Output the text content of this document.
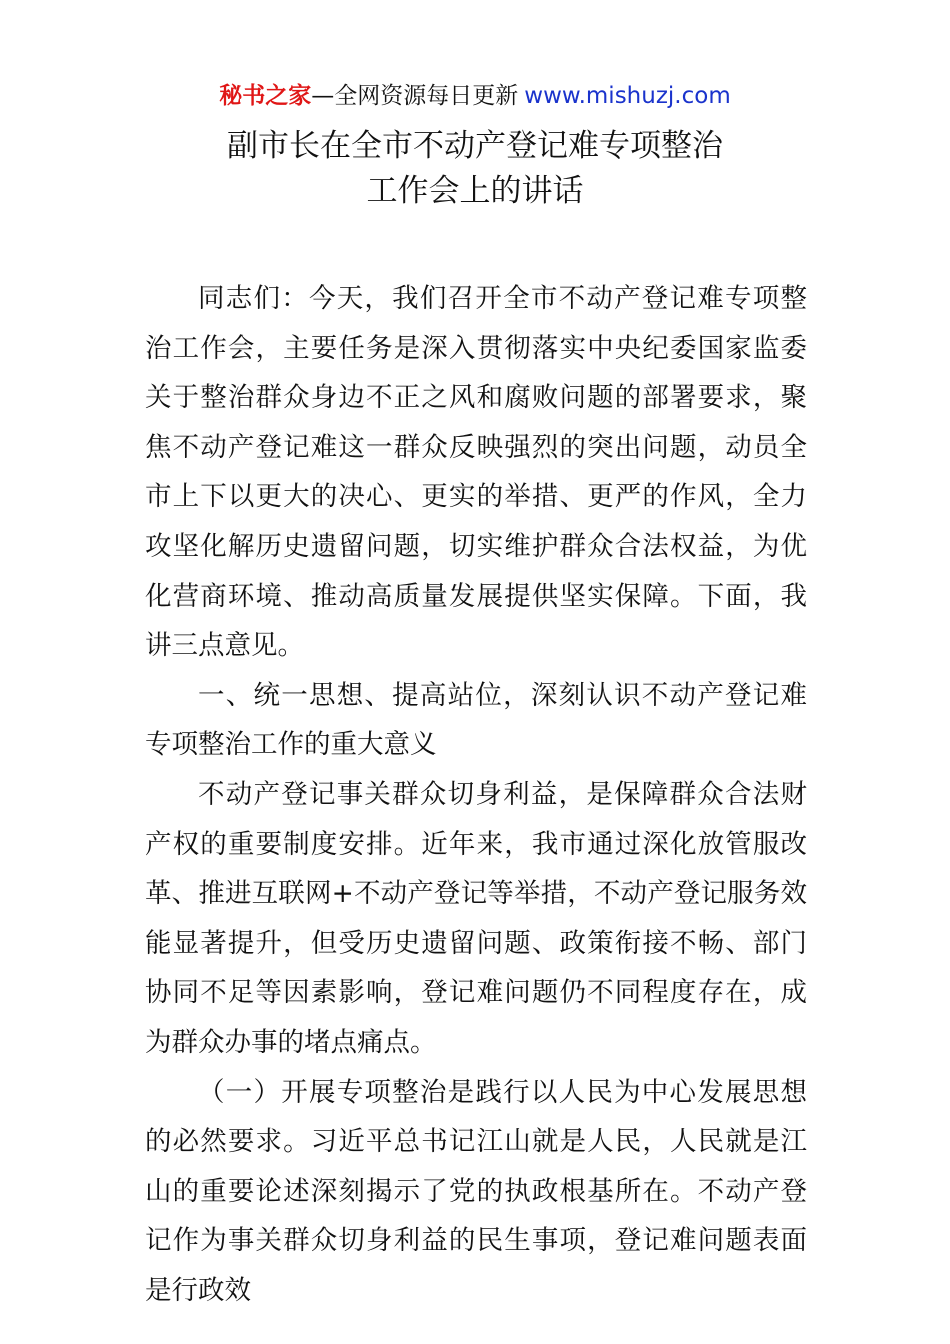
秘书之家—全网资源每日更新 www.mishuzj.com
副市长在全市不动产登记难专项整治
工作会上的讲话

同志们：今天，我们召开全市不动产登记难专项整治工作会，主要任务是深入贯彻落实中央纪委国家监委关于整治群众身边不正之风和腐败问题的部署要求，聚焦不动产登记难这一群众反映强烈的突出问题，动员全市上下以更大的决心、更实的举措、更严的作风，全力攻坚化解历史遗留问题，切实维护群众合法权益，为优化营商环境、推动高质量发展提供坚实保障。下面，我讲三点意见。

一、统一思想、提高站位，深刻认识不动产登记难专项整治工作的重大意义

不动产登记事关群众切身利益，是保障群众合法财产权的重要制度安排。近年来，我市通过深化放管服改革、推进互联网+不动产登记等举措，不动产登记服务效能显著提升，但受历史遗留问题、政策衔接不畅、部门协同不足等因素影响，登记难问题仍不同程度存在，成为群众办事的堵点痛点。

（一）开展专项整治是践行以人民为中心发展思想的必然要求。习近平总书记江山就是人民，人民就是江山的重要论述深刻揭示了党的执政根基所在。不动产登记作为事关群众切身利益的民生事项，登记难问题表面是行政效
